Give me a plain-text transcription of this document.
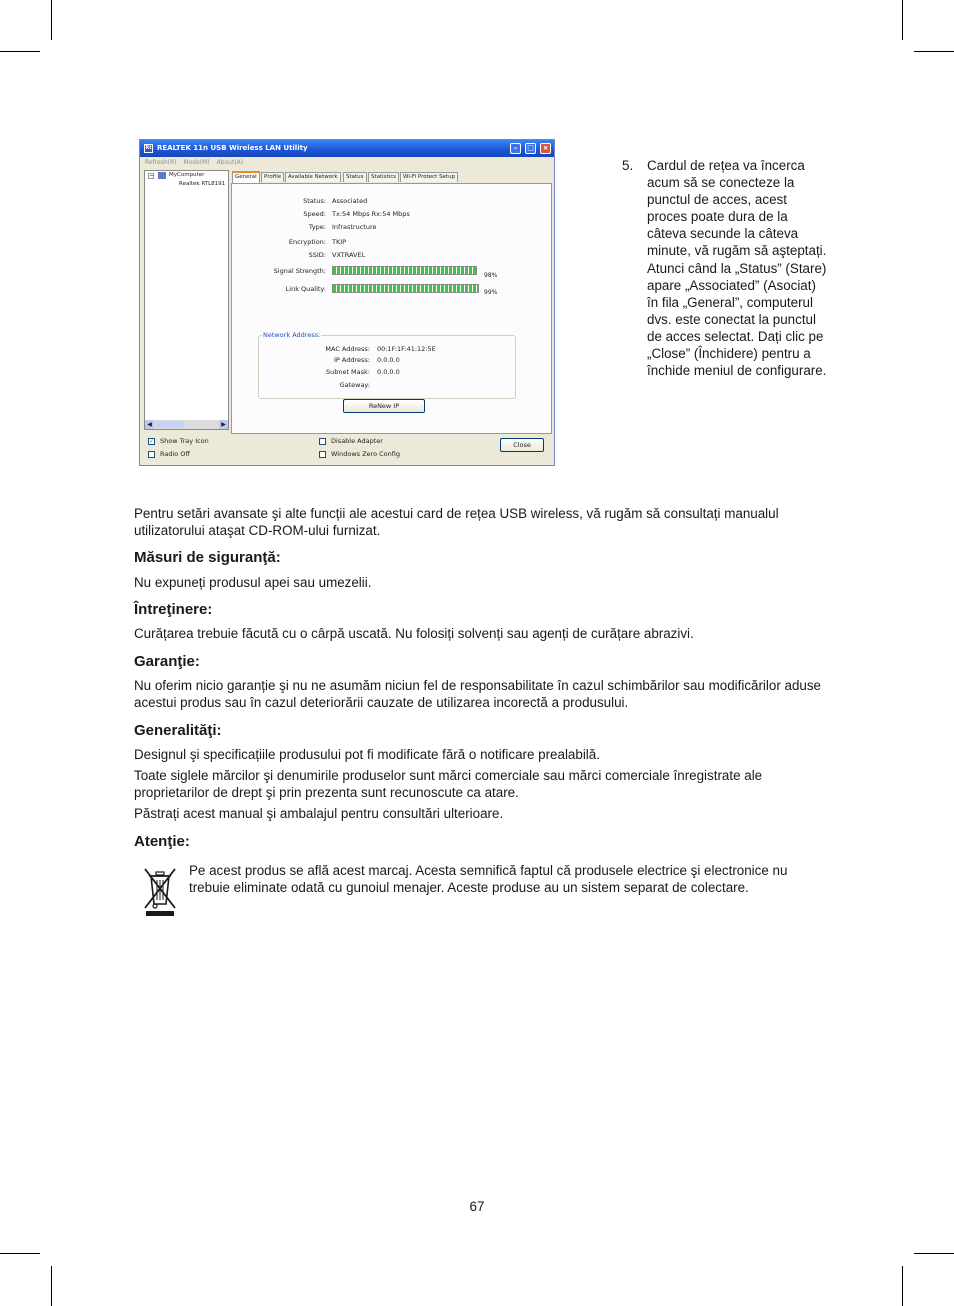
Rt REALTEK 11n USB Wireless LAN Utility	–	□	×
Refresh(R) Mode(M) About(A)
−	MyComputer
Realtek RTL8191
◀	▶
General	Profile	Available Network	Status	Statistics	Wi-Fi Protect Setup
Status: Associated
Speed: Tx:54 Mbps Rx:54 Mbps
Type: Infrastructure
Encryption: TKIP
SSID: VXTRAVEL
Signal Strength:
98%
Link Quality:	99%
Network Address:
MAC Address: 00:1F:1F:41:12:5E
IP Address: 0.0.0.0
Subnet Mask: 0.0.0.0
Gateway:
ReNew IP
✓ Show Tray Icon
Radio Off
Disable Adapter
Windows Zero Config
Close
5. Cardul de rețea va încerca acum să se conecteze la punctul de acces, acest proces poate dura de la câteva secunde la câteva minute, vă rugăm să aşteptați. Atunci când la „Status” (Stare) apare „Associated” (Asociat) în fila „General”, computerul dvs. este conectat la punctul de acces selectat. Dați clic pe „Close” (Închidere) pentru a închide meniul de configurare.
Pentru setări avansate şi alte funcții ale acestui card de rețea USB wireless, vă rugăm să consultați manualul utilizatorului ataşat CD-ROM-ului furnizat.
Măsuri de siguranţă:
Nu expuneți produsul apei sau umezelii.
Întreţinere:
Curățarea trebuie făcută cu o cârpă uscată. Nu folosiți solvenți sau agenți de curățare abrazivi.
Garanţie:
Nu oferim nicio garanție şi nu ne asumăm niciun fel de responsabilitate în cazul schimbărilor sau modificărilor aduse acestui produs sau în cazul deteriorării cauzate de utilizarea incorectă a produsului.
Generalităţi:
Designul şi specificațiile produsului pot fi modificate fără o notificare prealabilă.
Toate siglele mărcilor şi denumirile produselor sunt mărci comerciale sau mărci comerciale înregistrate ale proprietarilor de drept şi prin prezenta sunt recunoscute ca atare.
Păstrați acest manual şi ambalajul pentru consultări ulterioare.
Atenţie:
Pe acest produs se află acest marcaj. Acesta semnifică faptul că produsele electrice şi electronice nu trebuie eliminate odată cu gunoiul menajer. Aceste produse au un sistem separat de colectare.
67
